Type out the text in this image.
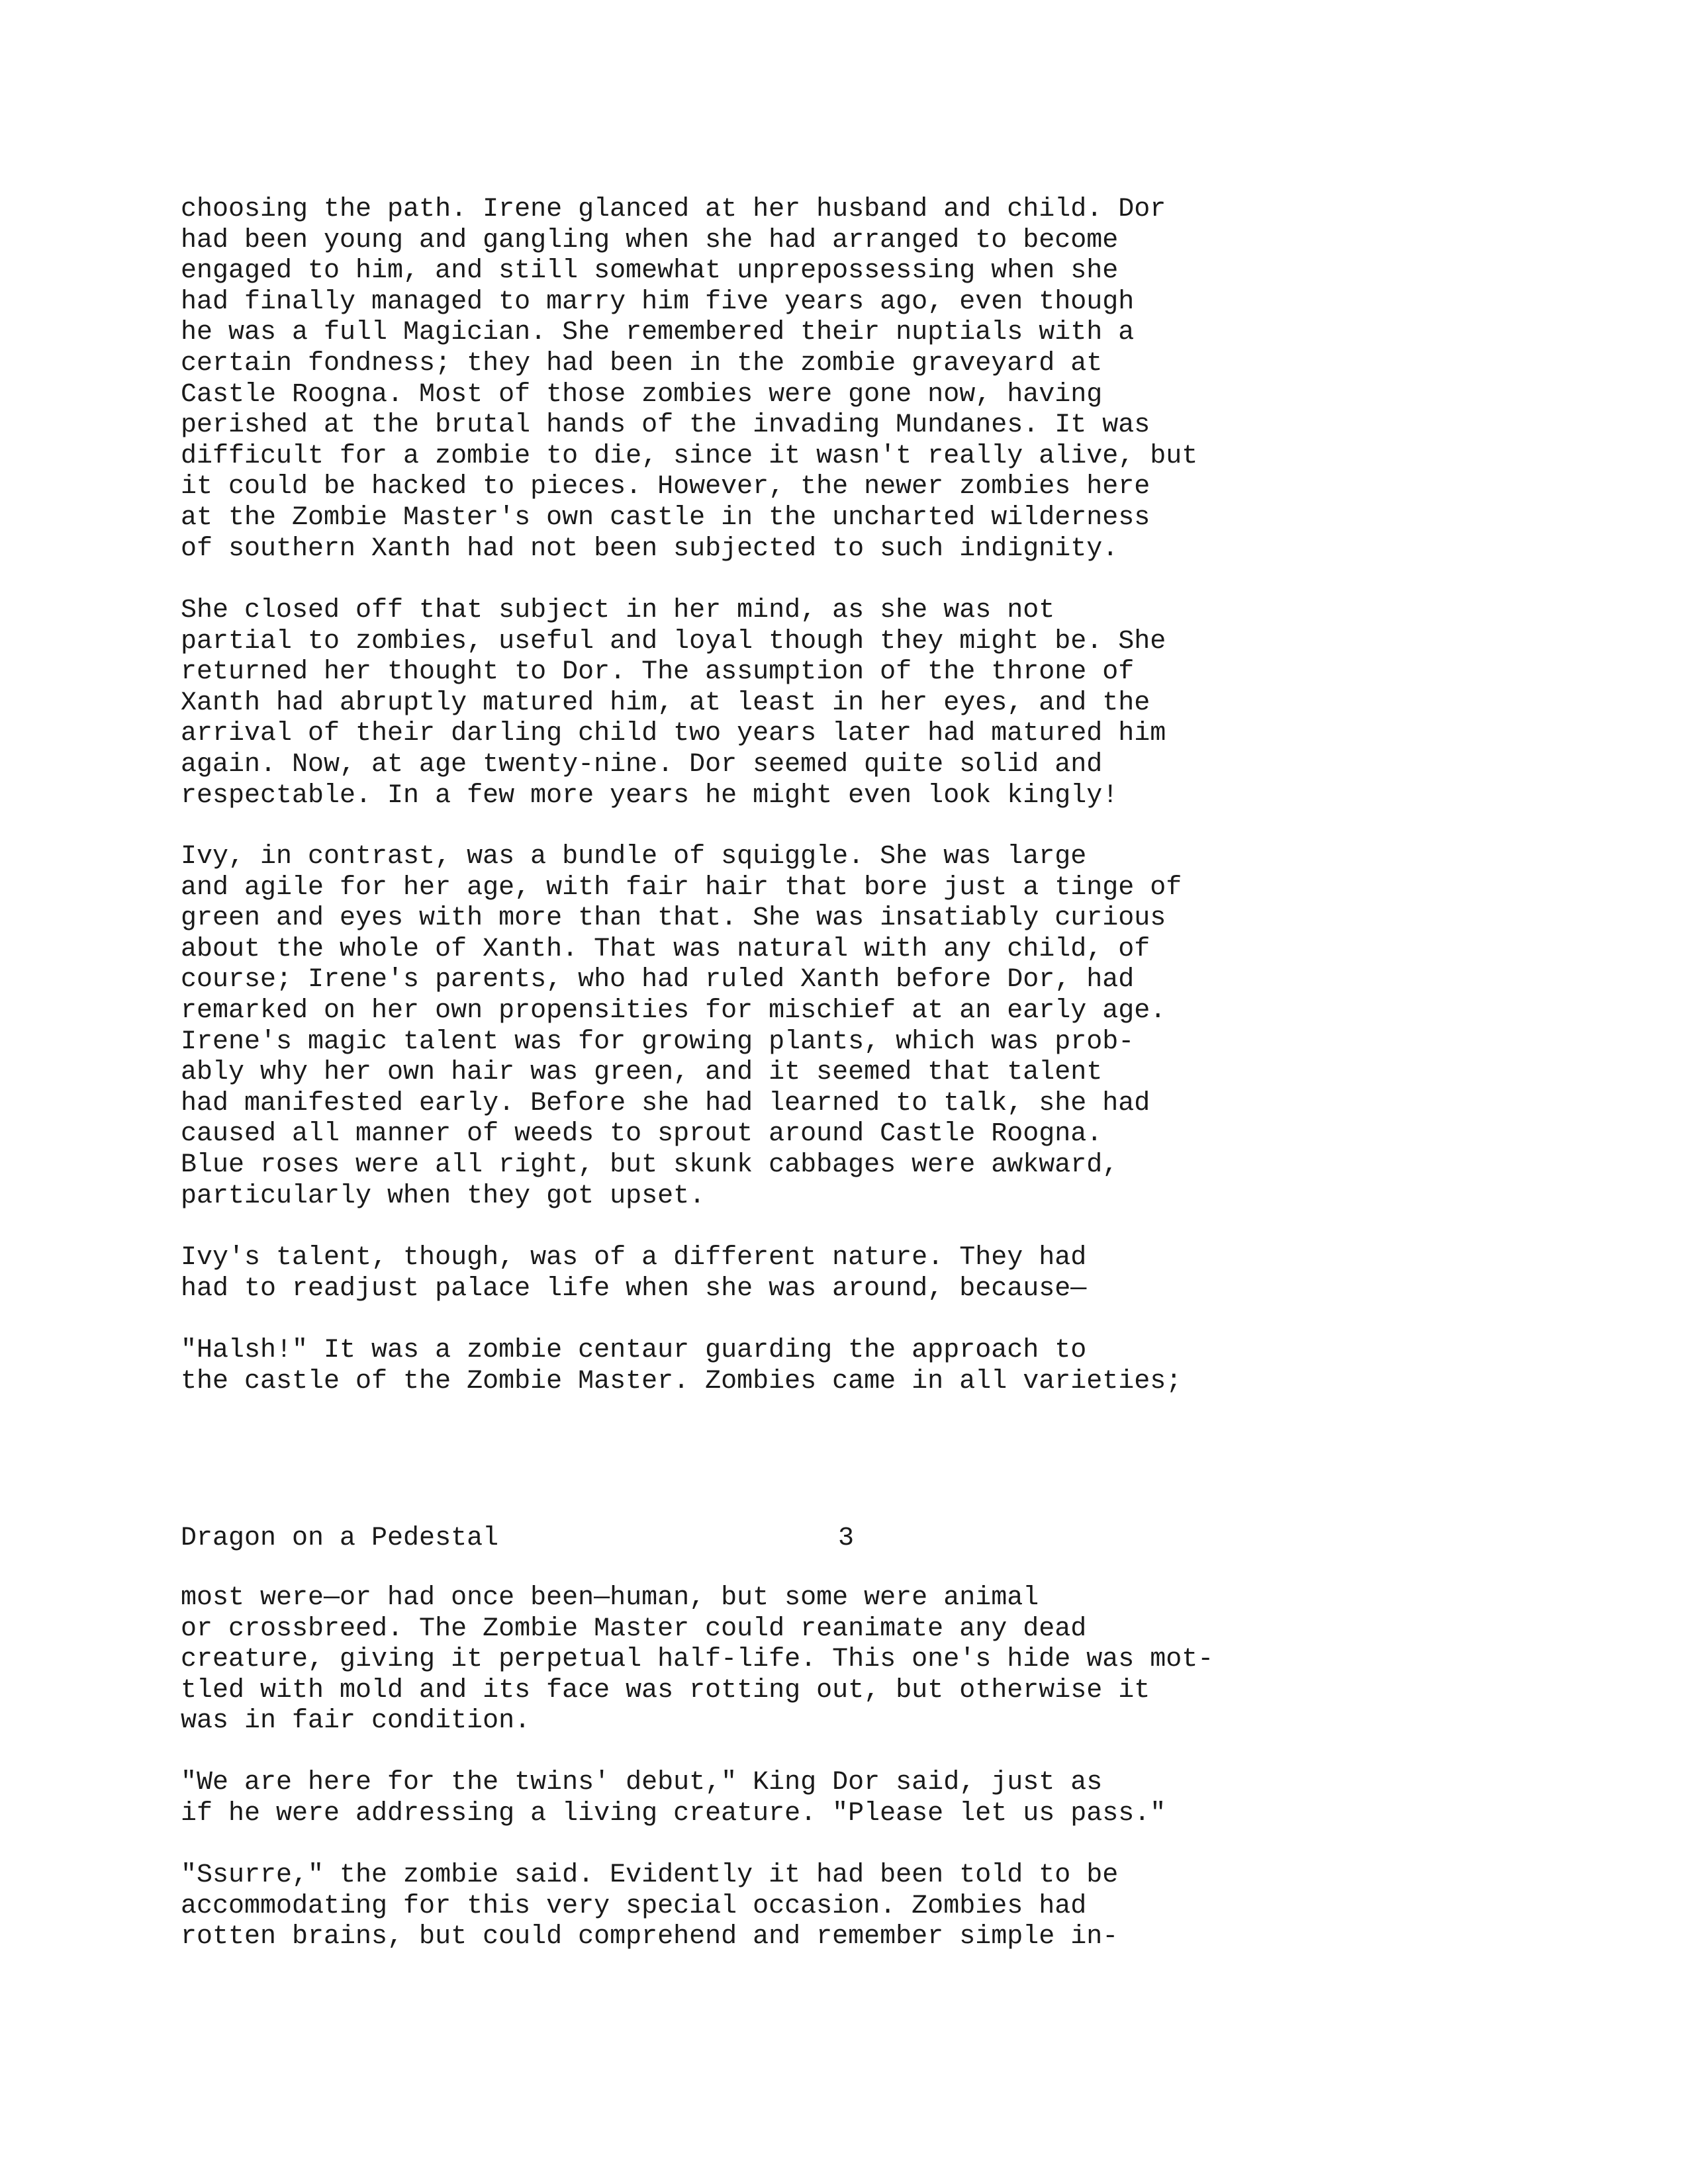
choosing the path. Irene glanced at her husband and child. Dor
had been young and gangling when she had arranged to become
engaged to him, and still somewhat unprepossessing when she
had finally managed to marry him five years ago, even though
he was a full Magician. She remembered their nuptials with a
certain fondness; they had been in the zombie graveyard at
Castle Roogna. Most of those zombies were gone now, having
perished at the brutal hands of the invading Mundanes. It was
difficult for a zombie to die, since it wasn't really alive, but
it could be hacked to pieces. However, the newer zombies here
at the Zombie Master's own castle in the uncharted wilderness
of southern Xanth had not been subjected to such indignity.
She closed off that subject in her mind, as she was not
partial to zombies, useful and loyal though they might be. She
returned her thought to Dor. The assumption of the throne of
Xanth had abruptly matured him, at least in her eyes, and the
arrival of their darling child two years later had matured him
again. Now, at age twenty-nine. Dor seemed quite solid and
respectable. In a few more years he might even look kingly!
Ivy, in contrast, was a bundle of squiggle. She was large
and agile for her age, with fair hair that bore just a tinge of
green and eyes with more than that. She was insatiably curious
about the whole of Xanth. That was natural with any child, of
course; Irene's parents, who had ruled Xanth before Dor, had
remarked on her own propensities for mischief at an early age.
Irene's magic talent was for growing plants, which was prob-
ably why her own hair was green, and it seemed that talent
had manifested early. Before she had learned to talk, she had
caused all manner of weeds to sprout around Castle Roogna.
Blue roses were all right, but skunk cabbages were awkward,
particularly when they got upset.
Ivy's talent, though, was of a different nature. They had
had to readjust palace life when she was around, because—
"Halsh!" It was a zombie centaur guarding the approach to
the castle of the Zombie Master. Zombies came in all varieties;
Dragon on a Pedestal	3
most were—or had once been—human, but some were animal
or crossbreed. The Zombie Master could reanimate any dead
creature, giving it perpetual half-life. This one's hide was mot-
tled with mold and its face was rotting out, but otherwise it
was in fair condition.
"We are here for the twins' debut," King Dor said, just as
if he were addressing a living creature. "Please let us pass."
"Ssurre," the zombie said. Evidently it had been told to be
accommodating for this very special occasion. Zombies had
rotten brains, but could comprehend and remember simple in-
